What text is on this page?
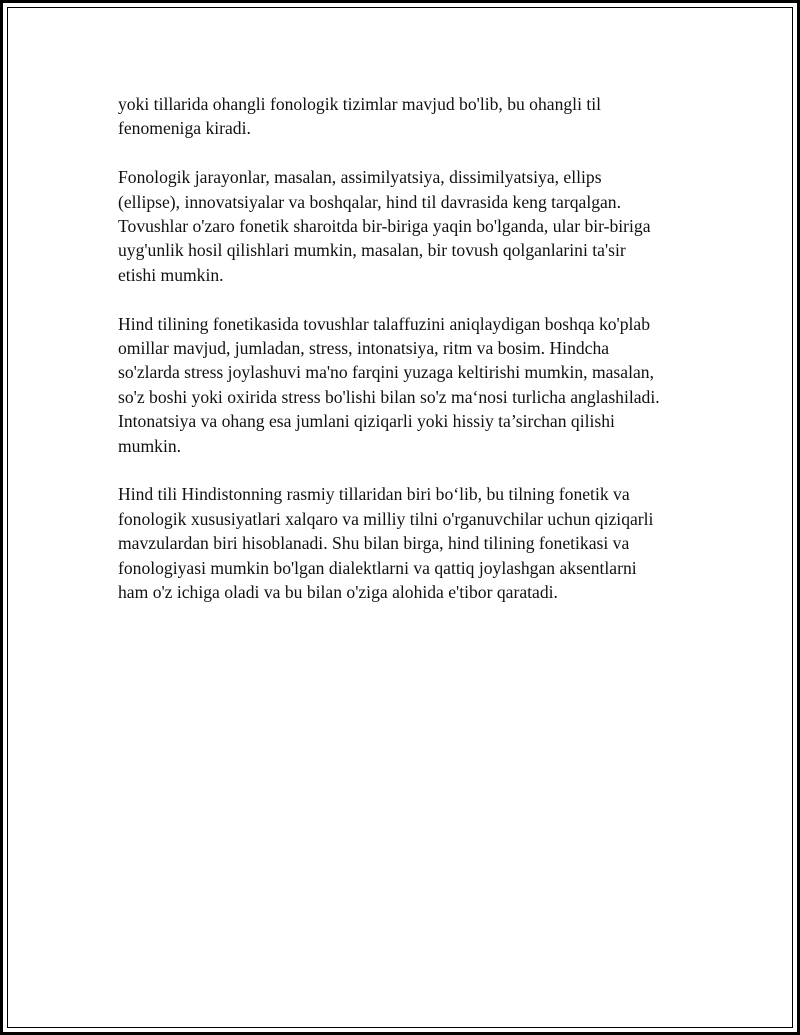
yoki tillarida ohangli fonologik tizimlar mavjud bo'lib, bu ohangli til
fenomeniga kiradi.

Fonologik jarayonlar, masalan, assimilyatsiya, dissimilyatsiya, ellips
(ellipse), innovatsiyalar va boshqalar, hind til davrasida keng tarqalgan.
Tovushlar o'zaro fonetik sharoitda bir-biriga yaqin bo'lganda, ular bir-biriga
uyg'unlik hosil qilishlari mumkin, masalan, bir tovush qolganlarini ta'sir
etishi mumkin.

Hind tilining fonetikasida tovushlar talaffuzini aniqlaydigan boshqa ko'plab
omillar mavjud, jumladan, stress, intonatsiya, ritm va bosim. Hindcha
so'zlarda stress joylashuvi ma'no farqini yuzaga keltirishi mumkin, masalan,
so'z boshi yoki oxirida stress bo'lishi bilan so'z ma‘nosi turlicha anglashiladi.
Intonatsiya va ohang esa jumlani qiziqarli yoki hissiy ta’sirchan qilishi
mumkin.

Hind tili Hindistonning rasmiy tillaridan biri bo‘lib, bu tilning fonetik va
fonologik xususiyatlari xalqaro va milliy tilni o'rganuvchilar uchun qiziqarli
mavzulardan biri hisoblanadi. Shu bilan birga, hind tilining fonetikasi va
fonologiyasi mumkin bo'lgan dialektlarni va qattiq joylashgan aksentlarni
ham o'z ichiga oladi va bu bilan o'ziga alohida e'tibor qaratadi.
